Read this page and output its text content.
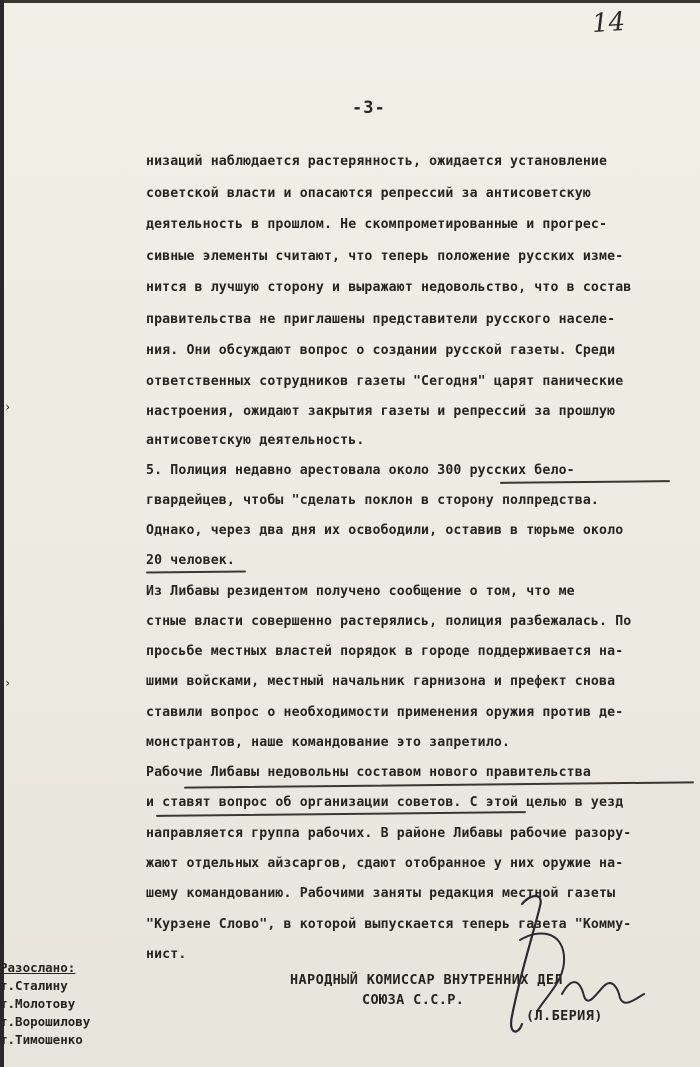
›
›
14
-3-
низаций наблюдается растерянность, ожидается установление
советской власти и опасаются репрессий за антисоветскую
деятельность в прошлом. Не скомпрометированные и прогрес-
сивные элементы считают, что теперь положение русских изме-
нится в лучшую сторону и выражают недовольство, что в состав
правительства не приглашены представители русского населе-
ния. Они обсуждают вопрос о создании русской газеты. Среди
ответственных сотрудников газеты "Сегодня" царят панические
настроения, ожидают закрытия газеты и репрессий за прошлую
антисоветскую деятельность.
5. Полиция недавно арестовала около 300 русских бело-
гвардейцев, чтобы "сделать поклон в сторону полпредства.
Однако, через два дня их освободили, оставив в тюрьме около
20 человек.
Из Либавы резидентом получено сообщение о том, что ме
стные власти совершенно растерялись, полиция разбежалась. По
просьбе местных властей порядок в городе поддерживается на-
шими войсками, местный начальник гарнизона и префект снова
ставили вопрос о необходимости применения оружия против де-
монстрантов, наше командование это запретило.
Рабочие Либавы недовольны составом нового правительства
и ставят вопрос об организации советов. С этой целью в уезд
направляется группа рабочих. В районе Либавы рабочие разору-
жают отдельных айзсаргов, сдают отобранное у них оружие на-
шему командованию. Рабочими заняты редакция местной газеты
"Курзене Слово", в которой выпускается теперь газета "Комму-
нист.
НАРОДНЫЙ КОМИССАР ВНУТРЕННИХ ДЕЛ
СОЮЗА С.С.Р.
(Л.БЕРИЯ)
Разослано:
т.Сталину
т.Молотову
т.Ворошилову
т.Тимошенко
